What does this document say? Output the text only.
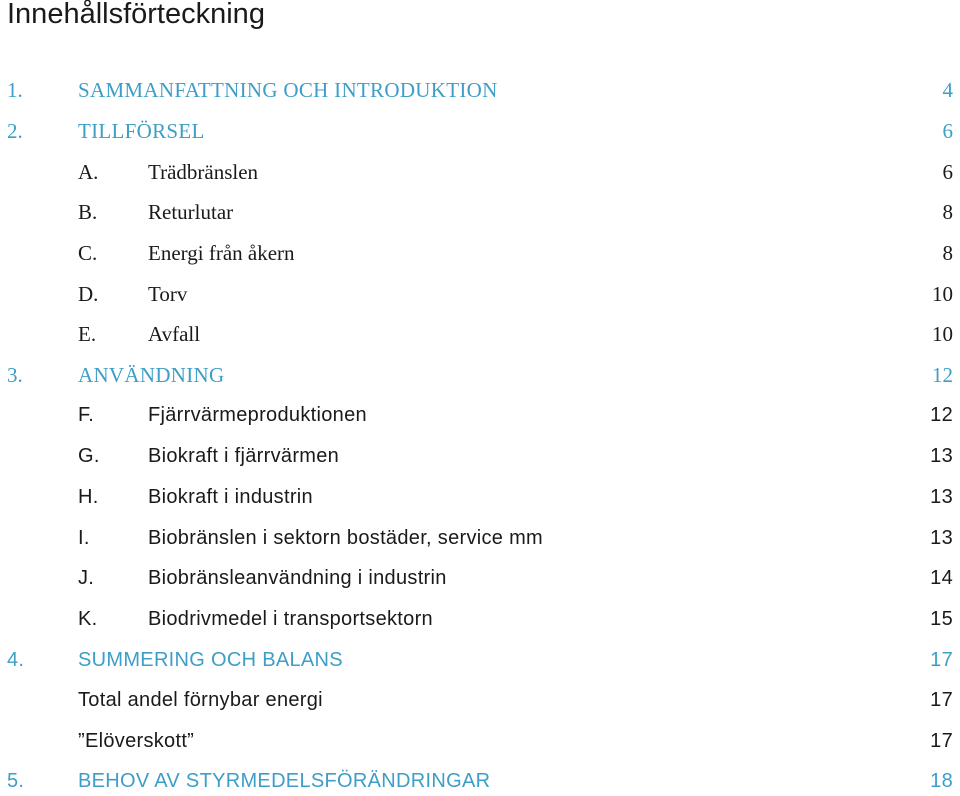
Innehållsförteckning
1.	SAMMANFATTNING OCH INTRODUKTION	4
2.	TILLFÖRSEL	6
A. Trädbränslen	6
B. Returlutar	8
C. Energi från åkern	8
D. Torv	10
E. Avfall	10
3.	ANVÄNDNING	12
F.	Fjärrvärmeproduktionen	12
G. Biokraft i fjärrvärmen	13
H. Biokraft i industrin	13
I.	Biobränslen i sektorn bostäder, service mm	13
J.	Biobränsleanvändning i industrin	14
K.	Biodrivmedel i transportsektorn	15
4.	SUMMERING OCH BALANS	17
Total andel förnybar energi	17
”Elöverskott”	17
5.	BEHOV AV STYRMEDELSFÖRÄNDRINGAR	18
